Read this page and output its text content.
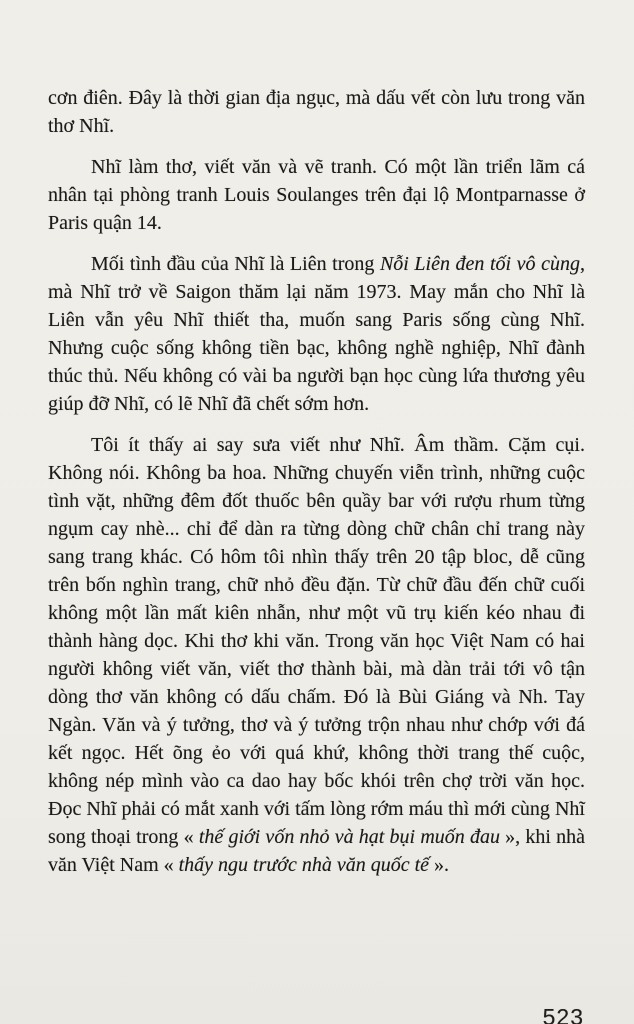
cơn điên. Đây là thời gian địa ngục, mà dấu vết còn lưu trong văn thơ Nhĩ.

Nhĩ làm thơ, viết văn và vẽ tranh. Có một lần triển lãm cá nhân tại phòng tranh Louis Soulanges trên đại lộ Montparnasse ở Paris quận 14.

Mối tình đầu của Nhĩ là Liên trong Nỗi Liên đen tối vô cùng, mà Nhĩ trở về Saigon thăm lại năm 1973. May mắn cho Nhĩ là Liên vẫn yêu Nhĩ thiết tha, muốn sang Paris sống cùng Nhĩ. Nhưng cuộc sống không tiền bạc, không nghề nghiệp, Nhĩ đành thúc thủ. Nếu không có vài ba người bạn học cùng lứa thương yêu giúp đỡ Nhĩ, có lẽ Nhĩ đã chết sớm hơn.

Tôi ít thấy ai say sưa viết như Nhĩ. Âm thầm. Cặm cụi. Không nói. Không ba hoa. Những chuyến viễn trình, những cuộc tình vặt, những đêm đốt thuốc bên quầy bar với rượu rhum từng ngụm cay nhè... chỉ để dàn ra từng dòng chữ chân chỉ trang này sang trang khác. Có hôm tôi nhìn thấy trên 20 tập bloc, dễ cũng trên bốn nghìn trang, chữ nhỏ đều đặn. Từ chữ đầu đến chữ cuối không một lần mất kiên nhẫn, như một vũ trụ kiến kéo nhau đi thành hàng dọc. Khi thơ khi văn. Trong văn học Việt Nam có hai người không viết văn, viết thơ thành bài, mà dàn trải tới vô tận dòng thơ văn không có dấu chấm. Đó là Bùi Giáng và Nh. Tay Ngàn. Văn và ý tưởng, thơ và ý tưởng trộn nhau như chớp với đá kết ngọc. Hết õng ẻo với quá khứ, không thời trang thế cuộc, không nép mình vào ca dao hay bốc khói trên chợ trời văn học. Đọc Nhĩ phải có mắt xanh với tấm lòng rớm máu thì mới cùng Nhĩ song thoại trong « thế giới vốn nhỏ và hạt bụi muốn đau », khi nhà văn Việt Nam « thấy ngu trước nhà văn quốc tế ».

523
